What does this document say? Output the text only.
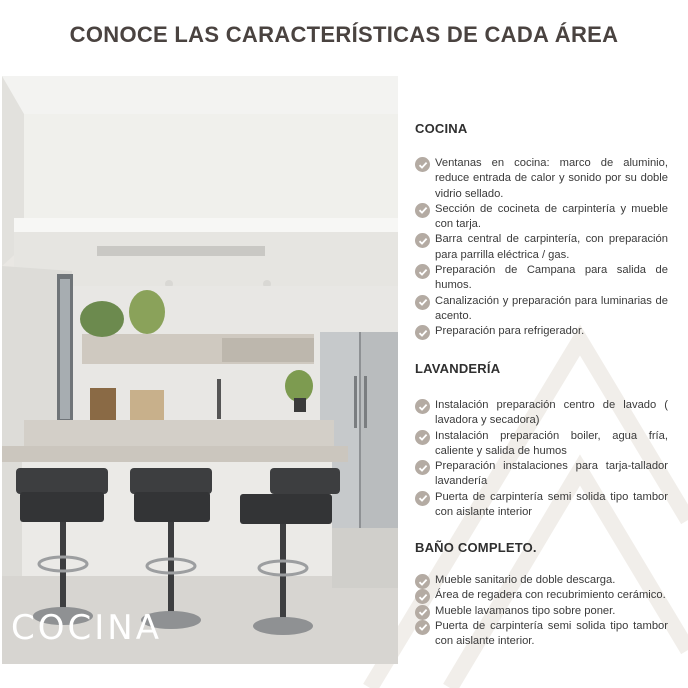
CONOCE LAS CARACTERÍSTICAS DE CADA ÁREA
COCINA
COCINA
Ventanas en cocina: marco de aluminio, reduce entrada de calor y sonido por su doble vidrio sellado.
Sección de cocineta de carpintería y mueble con tarja.
Barra central de carpintería, con preparación para parrilla eléctrica / gas.
Preparación de Campana para salida de humos.
Canalización y preparación para luminarias de acento.
Preparación para refrigerador.
LAVANDERÍA
Instalación preparación centro de lavado ( lavadora y secadora)
Instalación preparación boiler, agua fría, caliente y salida de humos
Preparación instalaciones para tarja-tallador lavandería
Puerta de carpintería semi solida tipo tambor con aislante interior
BAÑO COMPLETO.
Mueble sanitario de doble descarga.
Área de regadera con recubrimiento cerámico.
Mueble lavamanos tipo sobre poner.
Puerta de carpintería semi solida tipo tambor con aislante interior.
